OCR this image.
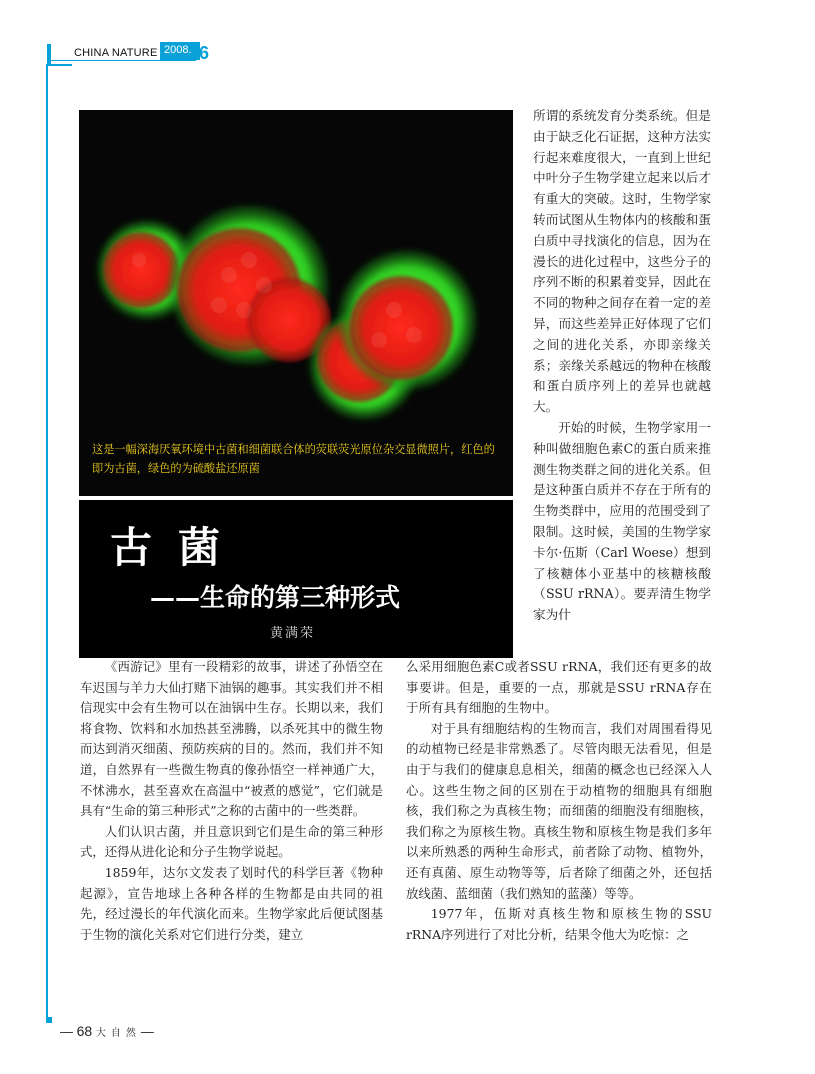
CHINA NATURE 2008. 6
这是一幅深海厌氧环境中古菌和细菌联合体的荧联荧光原位杂交显微照片，红色的即为古菌，绿色的为硫酸盐还原菌
古菌
——生命的第三种形式
黄满荣

所谓的系统发育分类系统。但是由于缺乏化石证据，这种方法实行起来难度很大，一直到上世纪中叶分子生物学建立起来以后才有重大的突破。这时，生物学家转而试图从生物体内的核酸和蛋白质中寻找演化的信息，因为在漫长的进化过程中，这些分子的序列不断的积累着变异，因此在不同的物种之间存在着一定的差异，而这些差异正好体现了它们之间的进化关系，亦即亲缘关系；亲缘关系越远的物种在核酸和蛋白质序列上的差异也就越大。

开始的时候，生物学家用一种叫做细胞色素C的蛋白质来推测生物类群之间的进化关系。但是这种蛋白质并不存在于所有的生物类群中，应用的范围受到了限制。这时候，美国的生物学家卡尔·伍斯（Carl Woese）想到了核糖体小亚基中的核糖核酸（SSU rRNA）。要弄清生物学家为什

《西游记》里有一段精彩的故事，讲述了孙悟空在车迟国与羊力大仙打赌下油锅的趣事。其实我们并不相信现实中会有生物可以在油锅中生存。长期以来，我们将食物、饮料和水加热甚至沸腾，以杀死其中的微生物而达到消灭细菌、预防疾病的目的。然而，我们并不知道，自然界有一些微生物真的像孙悟空一样神通广大，不怵沸水，甚至喜欢在高温中“被煮的感觉”，它们就是具有“生命的第三种形式”之称的古菌中的一些类群。

人们认识古菌，并且意识到它们是生命的第三种形式，还得从进化论和分子生物学说起。

1859年，达尔文发表了划时代的科学巨著《物种起源》，宣告地球上各种各样的生物都是由共同的祖先，经过漫长的年代演化而来。生物学家此后便试图基于生物的演化关系对它们进行分类，建立

么采用细胞色素C或者SSU rRNA，我们还有更多的故事要讲。但是，重要的一点，那就是SSU rRNA存在于所有具有细胞的生物中。

对于具有细胞结构的生物而言，我们对周围看得见的动植物已经是非常熟悉了。尽管肉眼无法看见，但是由于与我们的健康息息相关，细菌的概念也已经深入人心。这些生物之间的区别在于动植物的细胞具有细胞核，我们称之为真核生物；而细菌的细胞没有细胞核，我们称之为原核生物。真核生物和原核生物是我们多年以来所熟悉的两种生命形式，前者除了动物、植物外，还有真菌、原生动物等等，后者除了细菌之外，还包括放线菌、蓝细菌（我们熟知的蓝藻）等等。

1977年，伍斯对真核生物和原核生物的SSU rRNA序列进行了对比分析，结果令他大为吃惊：之

— 68 大自然—
